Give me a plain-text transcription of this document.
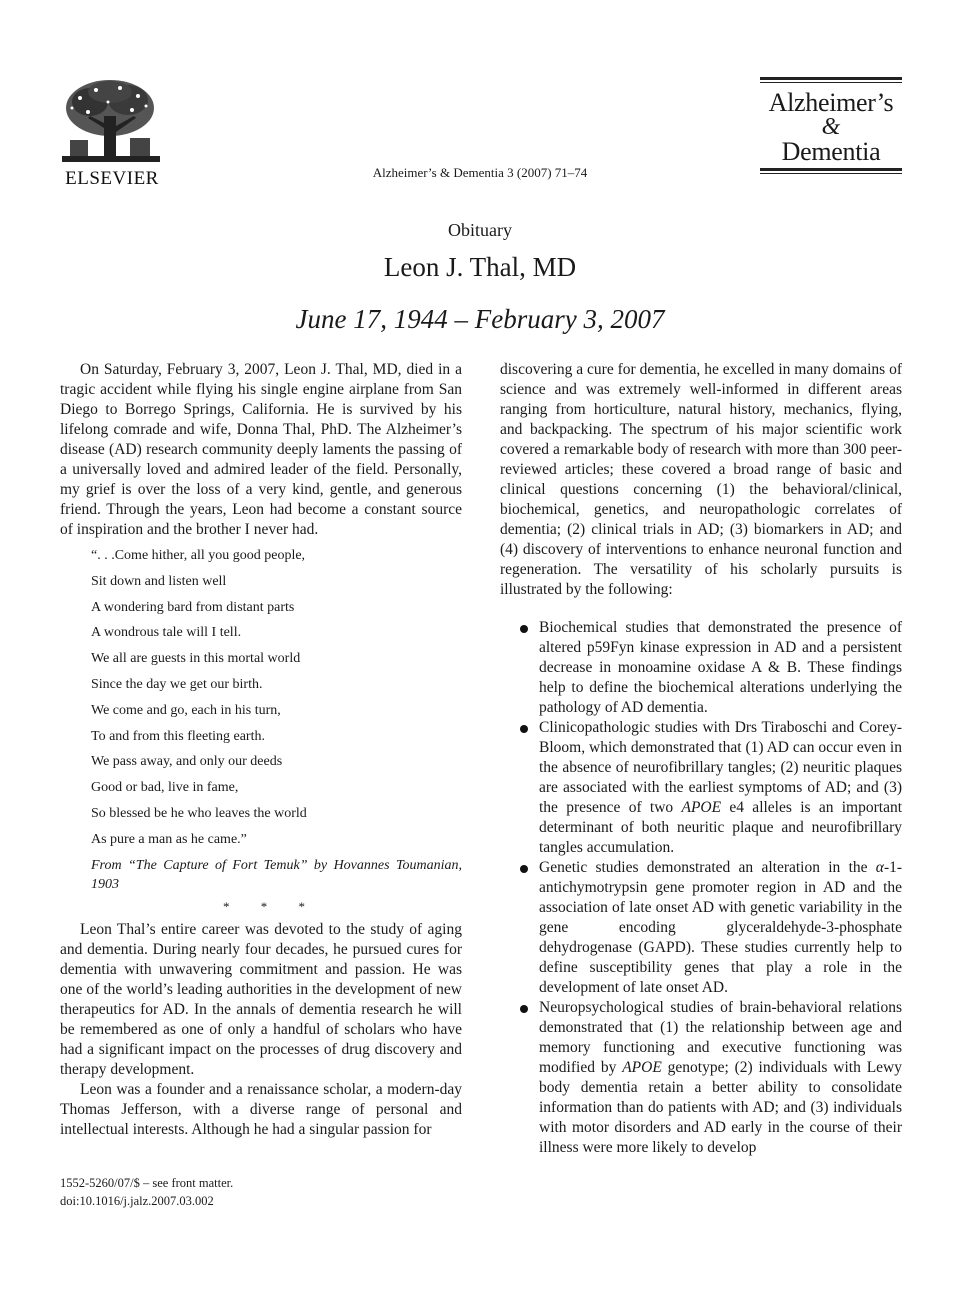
ELSEVIER	Alzheimer’s & Dementia 3 (2007) 71–74
Alzheimer’s
&
Dementia
Obituary
Leon J. Thal, MD
June 17, 1944 – February 3, 2007

On Saturday, February 3, 2007, Leon J. Thal, MD, died in a tragic accident while flying his single engine airplane from San Diego to Borrego Springs, California. He is survived by his lifelong comrade and wife, Donna Thal, PhD. The Alzheimer’s disease (AD) research community deeply laments the passing of a universally loved and admired leader of the field. Personally, my grief is over the loss of a very kind, gentle, and generous friend. Through the years, Leon had become a constant source of inspiration and the brother I never had.

“. . .Come hither, all you good people,
Sit down and listen well
A wondering bard from distant parts
A wondrous tale will I tell.
We all are guests in this mortal world
Since the day we get our birth.
We come and go, each in his turn,
To and from this fleeting earth.
We pass away, and only our deeds
Good or bad, live in fame,
So blessed be he who leaves the world
As pure a man as he came.”
From “The Capture of Fort Temuk” by Hovannes Toumanian, 1903
* * *

Leon Thal’s entire career was devoted to the study of aging and dementia. During nearly four decades, he pursued cures for dementia with unwavering commitment and passion. He was one of the world’s leading authorities in the development of new therapeutics for AD. In the annals of dementia research he will be remembered as one of only a handful of scholars who have had a significant impact on the processes of drug discovery and therapy development.

Leon was a founder and a renaissance scholar, a modern-day Thomas Jefferson, with a diverse range of personal and intellectual interests. Although he had a singular passion for

discovering a cure for dementia, he excelled in many domains of science and was extremely well-informed in different areas ranging from horticulture, natural history, mechanics, flying, and backpacking. The spectrum of his major scientific work covered a remarkable body of research with more than 300 peer-reviewed articles; these covered a broad range of basic and clinical questions concerning (1) the behavioral/clinical, biochemical, genetics, and neuropathologic correlates of dementia; (2) clinical trials in AD; (3) biomarkers in AD; and (4) discovery of interventions to enhance neuronal function and regeneration. The versatility of his scholarly pursuits is illustrated by the following:

Biochemical studies that demonstrated the presence of altered p59Fyn kinase expression in AD and a persistent decrease in monoamine oxidase A & B. These findings help to define the biochemical alterations underlying the pathology of AD dementia.
Clinicopathologic studies with Drs Tiraboschi and Corey-Bloom, which demonstrated that (1) AD can occur even in the absence of neurofibrillary tangles; (2) neuritic plaques are associated with the earliest symptoms of AD; and (3) the presence of two APOE e4 alleles is an important determinant of both neuritic plaque and neurofibrillary tangles accumulation.
Genetic studies demonstrated an alteration in the α-1-antichymotrypsin gene promoter region in AD and the association of late onset AD with genetic variability in the gene encoding glyceraldehyde-3-phosphate dehydrogenase (GAPD). These studies currently help to define susceptibility genes that play a role in the development of late onset AD.
Neuropsychological studies of brain-behavioral relations demonstrated that (1) the relationship between age and memory functioning and executive functioning was modified by APOE genotype; (2) individuals with Lewy body dementia retain a better ability to consolidate information than do patients with AD; and (3) individuals with motor disorders and AD early in the course of their illness were more likely to develop
1552-5260/07/$ – see front matter.
doi:10.1016/j.jalz.2007.03.002
